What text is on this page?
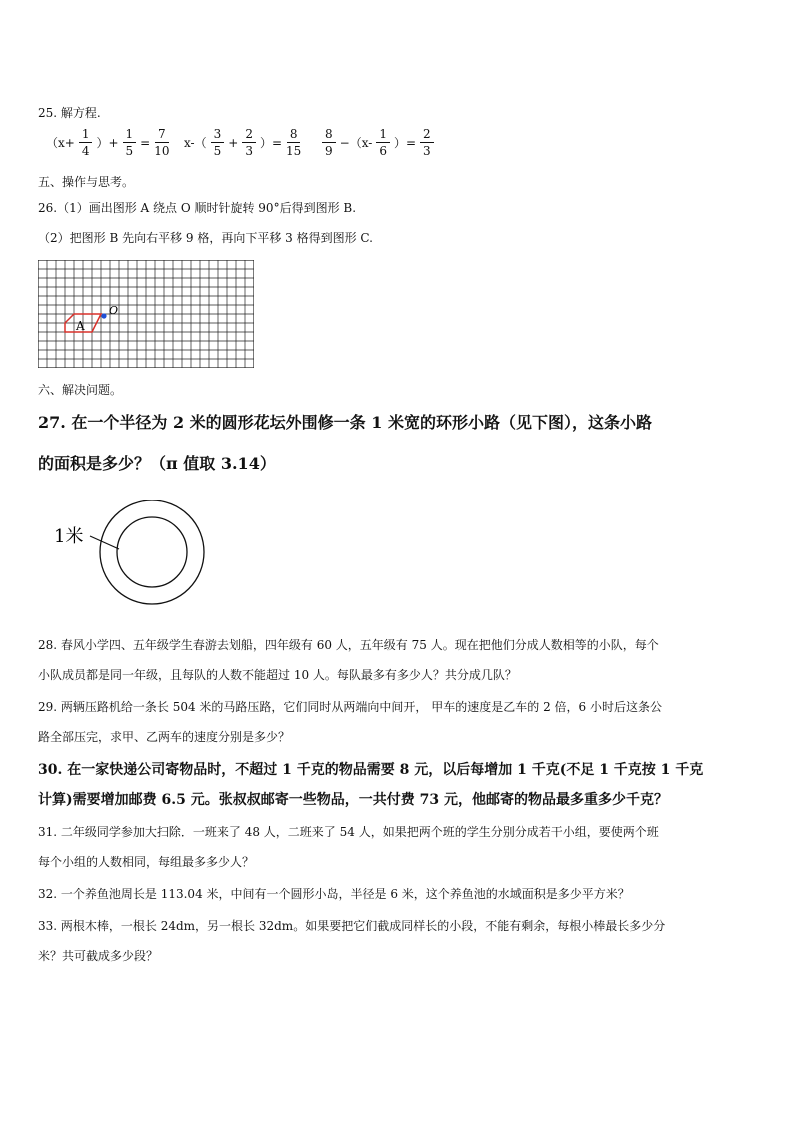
25. 解方程.
（$x+ \frac{1}{4}$ ）+ $\frac{1}{5} = \frac{7}{10} x-( \frac{3}{5} + \frac{2}{3}$ ）= $\frac{8}{15} \frac{8}{9} -(x- \frac{1}{6}$ ）= $\frac{2}{3}$
五、操作与思考。
26.（1）画出图形 A 绕点 O 顺时针旋转 90°后得到图形 B.
（2）把图形 B 先向右平移 9 格，再向下平移 3 格得到图形 C.
A
O
六、解决问题。
27. 在一个半径为 2 米的圆形花坛外围修一条 1 米宽的环形小路（见下图），这条小路
的面积是多少？（π 值取 3.14）
1米
28. 春风小学四、五年级学生春游去划船，四年级有 60 人，五年级有 75 人。现在把他们分成人数相等的小队，每个
小队成员都是同一年级，且每队的人数不能超过 10 人。每队最多有多少人？共分成几队？
29. 两辆压路机给一条长 504 米的马路压路，它们同时从两端向中间开， 甲车的速度是乙车的 2 倍，6 小时后这条公
路全部压完，求甲、乙两车的速度分别是多少？
30. 在一家快递公司寄物品时，不超过 1 千克的物品需要 8 元，以后每增加 1 千克(不足 1 千克按 1 千克
计算)需要增加邮费 6.5 元。张叔叔邮寄一些物品，一共付费 73 元，他邮寄的物品最多重多少千克？
31. 二年级同学参加大扫除．一班来了 48 人，二班来了 54 人，如果把两个班的学生分别分成若干小组，要使两个班
每个小组的人数相同，每组最多多少人？
32. 一个养鱼池周长是 113.04 米，中间有一个圆形小岛，半径是 6 米，这个养鱼池的水域面积是多少平方米？
33. 两根木棒，一根长 24dm，另一根长 32dm。如果要把它们截成同样长的小段，不能有剩余，每根小棒最长多少分
米？共可截成多少段？
